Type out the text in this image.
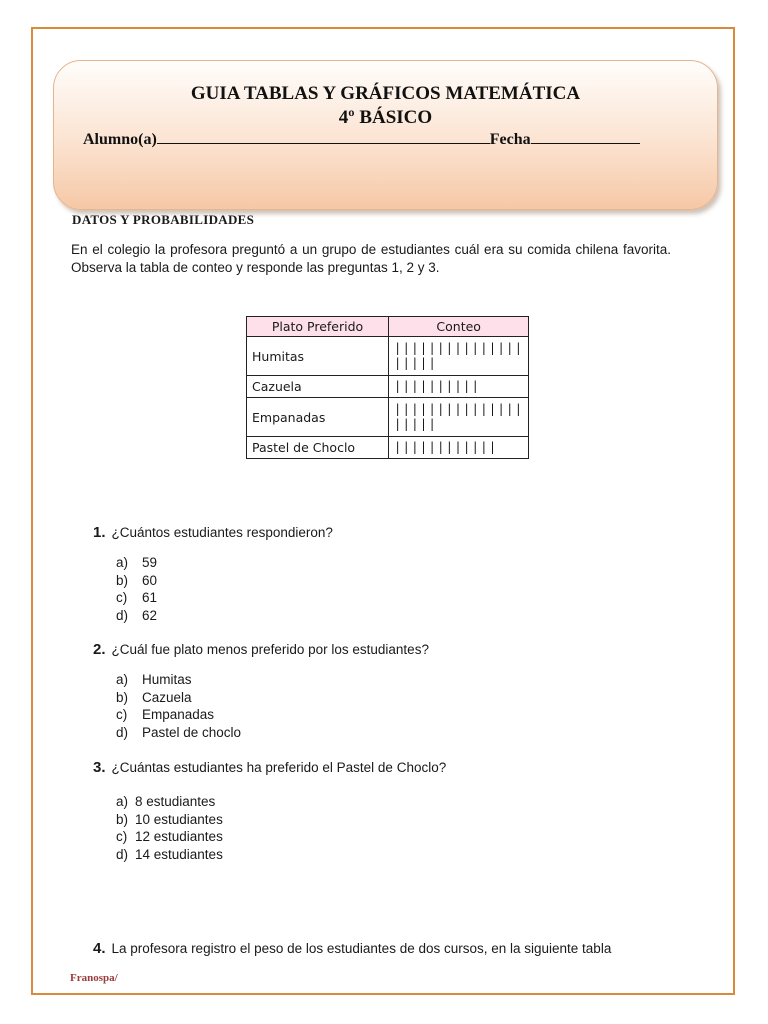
GUIA TABLAS Y GRÁFICOS MATEMÁTICA
4º BÁSICO
Alumno(a)	Fecha
DATOS Y PROBABILIDADES
En el colegio la profesora preguntó a un grupo de estudiantes cuál era su comida chilena favorita. Observa la tabla de conteo y responde las preguntas 1, 2 y 3.
Plato Preferido	Conteo
Humitas	|||||||||||||||
|||||

Cazuela	||||||||||

Empanadas	|||||||||||||||
|||||

Pastel de Choclo	||||||||||||
1. ¿Cuántos estudiantes respondieron?
a) 59
b) 60
c) 61
d) 62
2. ¿Cuál fue plato menos preferido por los estudiantes?
a) Humitas
b) Cazuela
c) Empanadas
d) Pastel de choclo
3. ¿Cuántas estudiantes ha preferido el Pastel de Choclo?
a) 8 estudiantes
b) 10 estudiantes
c) 12 estudiantes
d) 14 estudiantes
4. La profesora registro el peso de los estudiantes de dos cursos, en la siguiente tabla
Franospa/
